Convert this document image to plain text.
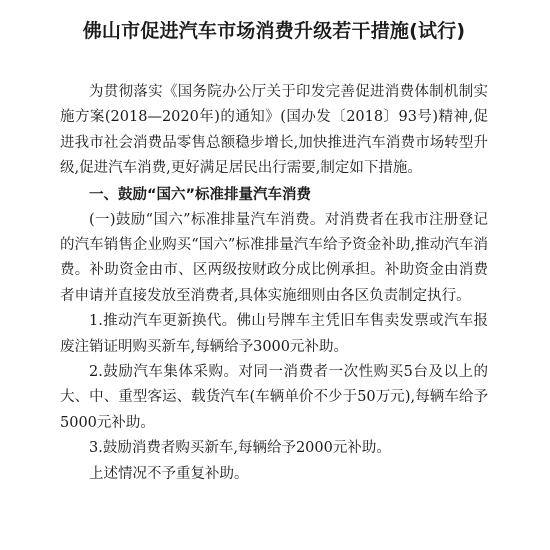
佛山市促进汽车市场消费升级若干措施(试行)

为贯彻落实《国务院办公厅关于印发完善促进消费体制机制实施方案(2018—2020年)的通知》(国办发〔2018〕93号)精神,促进我市社会消费品零售总额稳步增长,加快推进汽车消费市场转型升级,促进汽车消费,更好满足居民出行需要,制定如下措施。

一、鼓励“国六”标准排量汽车消费

(一)鼓励“国六”标准排量汽车消费。对消费者在我市注册登记的汽车销售企业购买“国六”标准排量汽车给予资金补助,推动汽车消费。补助资金由市、区两级按财政分成比例承担。补助资金由消费者申请并直接发放至消费者,具体实施细则由各区负责制定执行。

1.推动汽车更新换代。佛山号牌车主凭旧车售卖发票或汽车报废注销证明购买新车,每辆给予3000元补助。

2.鼓励汽车集体采购。对同一消费者一次性购买5台及以上的大、中、重型客运、载货汽车(车辆单价不少于50万元),每辆车给予5000元补助。

3.鼓励消费者购买新车,每辆给予2000元补助。

上述情况不予重复补助。
